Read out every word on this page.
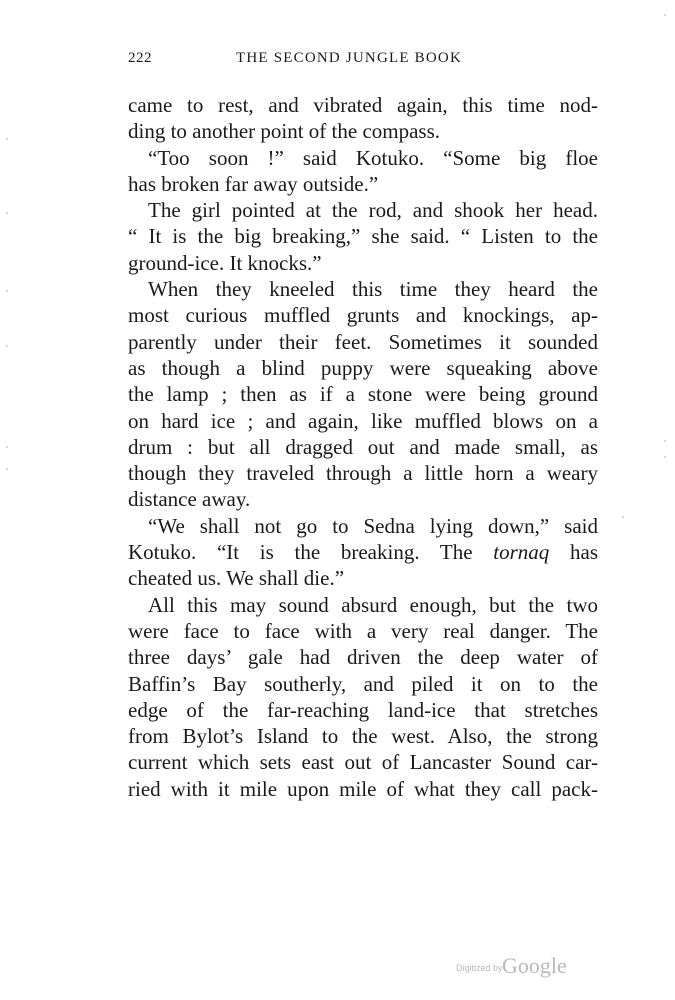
222	THE SECOND JUNGLE BOOK
came to rest, and vibrated again, this time nod-
ding to another point of the compass.
“Too soon !” said Kotuko. “Some big floe
has broken far away outside.”
The girl pointed at the rod, and shook her head.
“ It is the big breaking,” she said. “ Listen to the
ground-ice. It knocks.”
When they kneeled this time they heard the
most curious muffled grunts and knockings, ap-
parently under their feet. Sometimes it sounded
as though a blind puppy were squeaking above
the lamp ; then as if a stone were being ground
on hard ice ; and again, like muffled blows on a
drum : but all dragged out and made small, as
though they traveled through a little horn a weary
distance away.
“We shall not go to Sedna lying down,” said
Kotuko. “It is the breaking. The tornaq has
cheated us. We shall die.”
All this may sound absurd enough, but the two
were face to face with a very real danger. The
three days’ gale had driven the deep water of
Baffin’s Bay southerly, and piled it on to the
edge of the far-reaching land-ice that stretches
from Bylot’s Island to the west. Also, the strong
current which sets east out of Lancaster Sound car-
ried with it mile upon mile of what they call pack-
Digitized by Google
